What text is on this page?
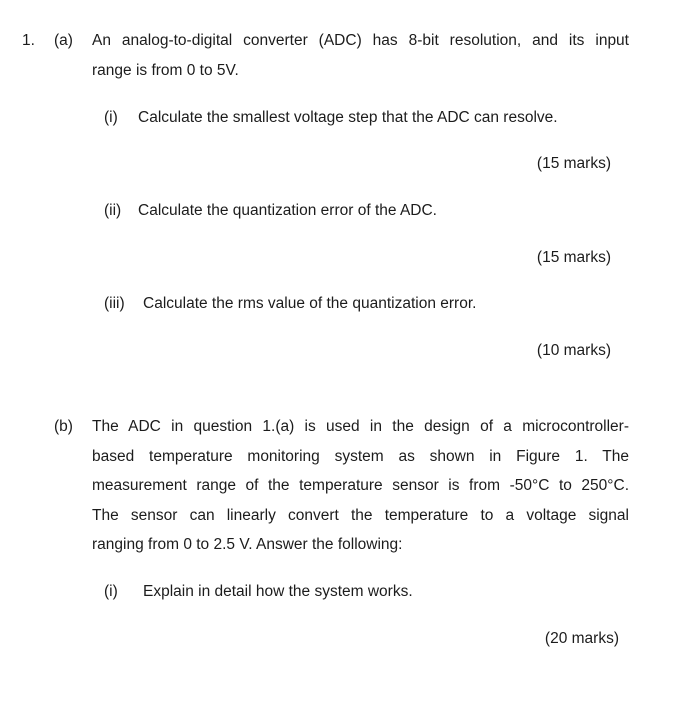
1. (a) An analog-to-digital converter (ADC) has 8-bit resolution, and its input
range is from 0 to 5V.
(i) Calculate the smallest voltage step that the ADC can resolve.
(15 marks)
(ii) Calculate the quantization error of the ADC.
(15 marks)
(iii) Calculate the rms value of the quantization error.
(10 marks)
(b) The ADC in question 1.(a) is used in the design of a microcontroller-
based temperature monitoring system as shown in Figure 1. The
measurement range of the temperature sensor is from -50°C to 250°C.
The sensor can linearly convert the temperature to a voltage signal
ranging from 0 to 2.5 V. Answer the following:
(i) Explain in detail how the system works.
(20 marks)
